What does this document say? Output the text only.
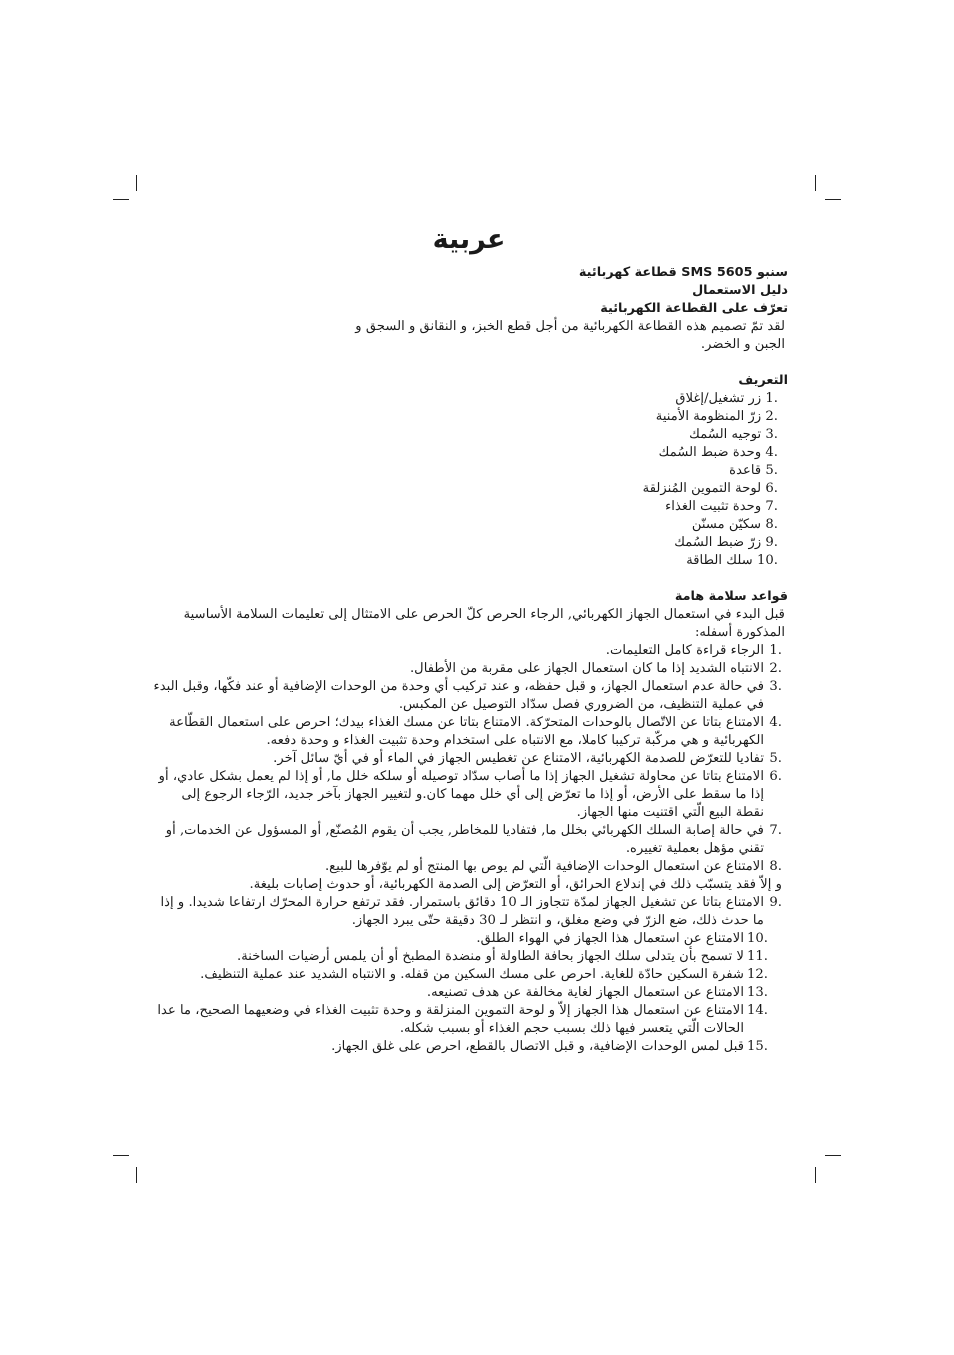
عربية
سنبو SMS 5605 قطاعة كهربائية
دليل الاستعمال
تعرّف على القطاعة الكهربائية

لقد تمّ تصميم هذه القطاعة الكهربائية من أجل قطع الخبز، و النقانق و السجق و الجبن و الخضر.

التعريف
1. زر تشغيل/إغلاق
2. زرّ المنظومة الأمنية
3. توجيه السُمك
4. وحدة ضبط السُمك
5. قاعدة
6. لوحة التموين المُنزلقة
7. وحدة تثبيت الغذاء
8. سكيّن مسنّن
9. زرّ ضبط السُمك
10. سلك الطاقة
قواعد سلامة هامة

قبل البدء في استعمال الجهاز الكهربائي, الرجاء الحرص كلّ الحرص على الامتثال إلى تعليمات السلامة الأساسية المذكورة أسفله:

1.
الرجاء قراءة كامل التعليمات.
2.
الانتباه الشديد إذا ما كان استعمال الجهاز على مقربة من الأطفال.
3.
في حالة عدم استعمال الجهاز، و قبل حفظه، و عند تركيب أي وحدة من الوحدات الإضافية أو عند فكّها، وقبل البدء في عملية التنظيف، من الضروري فصل سدّاد التوصيل عن المكبس.
4.
الامتناع بتاتا عن الاتّصال بالوحدات المتحرّكة. الامتناع بتاتا عن مسك الغذاء بيدك؛ احرص على استعمال القطّاعة الكهربائية و هي مركّبة تركيبا كاملا، مع الانتباه على استخدام وحدة تثبيت الغذاء و وحدة دفعه.
5.
تفاديا للتعرّض للصدمة الكهربائية، الامتناع عن تغطيس الجهاز في الماء أو في أيّ سائل آخر.
6.
الامتناع بتاتا عن محاولة تشغيل الجهاز إذا ما أصاب سدّاد توصيله أو سلكه خلل ما, أو إذا لم يعمل بشكل عادي، أو إذا ما سقط على الأرض، أو إذا ما تعرّض إلى أي خلل مهما كان.و لتغيير الجهاز بآخر جديد، الرّجاء الرجوع إلى نقطة البيع الّتي اقتنيت منها الجهاز.
7.
في حالة إصابة السلك الكهربائي بخلل ما, فتفاديا للمخاطر, يجب أن يقوم المُصنّع, أو المسؤول عن الخدمات, أو تقني مؤهل بعملية تغييره.
8.
الامتناع عن استعمال الوحدات الإضافية الّتي لم يوص بها المنتج أو لم يوّفرها للبيع.
و إلاّ فقد يتسبّب ذلك في إندلاع الحرائق، أو التعرّض إلى الصدمة الكهربائية، أو حدوث إصابات بليغة.
9.
الامتناع بتاتا عن تشغيل الجهاز لمدّة تتجاوز الـ 10 دقائق باستمرار. فقد ترتفع حرارة المحرّك ارتفاعا شديدا. و إذا ما حدث ذلك، ضع الزرّ في وضع مغلق، و انتظر لـ 30 دقيقة حتّى يبرد الجهاز.
10.
الامتناع عن استعمال هذا الجهاز في الهواء الطلق.
11.
لا تسمح بأن يتدلى سلك الجهاز بحافة الطاولة أو منضدة المطبخ أو أن يلمس أرضيات الساخنة.
12.
شفرة السكين حادّة للغاية. احرص على مسك السكين من قفله. و الانتباه الشديد عند عملية التنظيف.
13.
الامتناع عن استعمال الجهاز لغاية مخالفة عن هدف تصنيعه.
14.
الامتناع عن استعمال هذا الجهاز إلاّ و لوحة التموين المنزلقة و وحدة تثبيت الغذاء في وضعيهما الصحيح، ما عدا الحالات الّتي يتعسر فيها ذلك بسبب حجم الغذاء أو بسبب شكله.
15.
قبل لمس الوحدات الإضافية، و قبل الاتصال بالقطع، احرص على غلق الجهاز.
